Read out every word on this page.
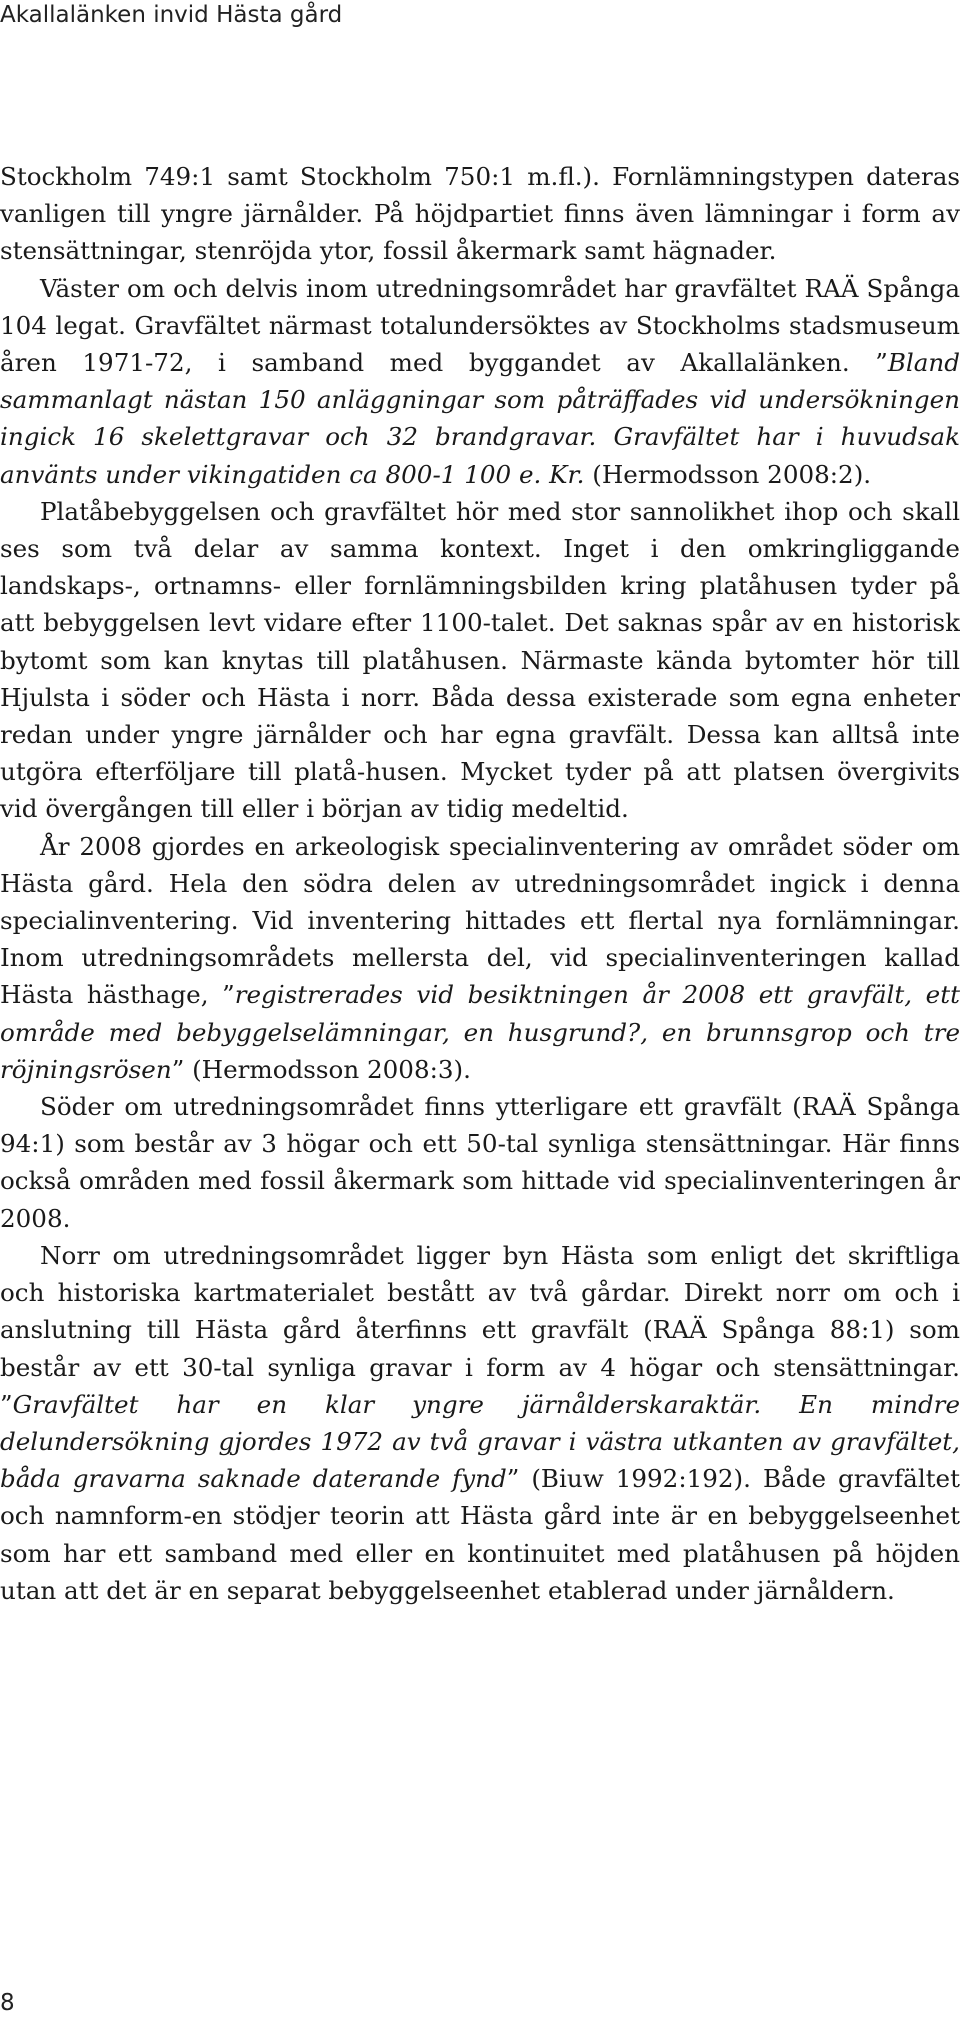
Akallalänken invid Hästa gård

Stockholm 749:1 samt Stockholm 750:1 m.fl.). Fornlämningstypen dateras vanligen till yngre järnålder. På höjdpartiet finns även lämningar i form av stensättningar, stenröjda ytor, fossil åkermark samt hägnader.

Väster om och delvis inom utredningsområdet har gravfältet RAÄ Spånga 104 legat. Gravfältet närmast totalundersöktes av Stockholms stadsmuseum åren 1971-72, i samband med byggandet av Akallalänken. ”Bland sammanlagt nästan 150 anläggningar som påträffades vid undersökningen ingick 16 skelettgravar och 32 brandgravar. Gravfältet har i huvudsak använts under vikingatiden ca 800-1 100 e. Kr. (Hermodsson 2008:2).

Platåbebyggelsen och gravfältet hör med stor sannolikhet ihop och skall ses som två delar av samma kontext. Inget i den omkringliggande landskaps-, ortnamns- eller fornlämningsbilden kring platåhusen tyder på att bebyggelsen levt vidare efter 1100-talet. Det saknas spår av en historisk bytomt som kan knytas till platåhusen. Närmaste kända bytomter hör till Hjulsta i söder och Hästa i norr. Båda dessa existerade som egna enheter redan under yngre järnålder och har egna gravfält. Dessa kan alltså inte utgöra efterföljare till platå-husen. Mycket tyder på att platsen övergivits vid övergången till eller i början av tidig medeltid.

År 2008 gjordes en arkeologisk specialinventering av området söder om Hästa gård. Hela den södra delen av utredningsområdet ingick i denna specialinventering. Vid inventering hittades ett flertal nya fornlämningar. Inom utredningsområdets mellersta del, vid specialinventeringen kallad Hästa hästhage, ”registrerades vid besiktningen år 2008 ett gravfält, ett område med bebyggelselämningar, en husgrund?, en brunnsgrop och tre röjningsrösen” (Hermodsson 2008:3).

Söder om utredningsområdet finns ytterligare ett gravfält (RAÄ Spånga 94:1) som består av 3 högar och ett 50-tal synliga stensättningar. Här finns också områden med fossil åkermark som hittade vid specialinventeringen år 2008.

Norr om utredningsområdet ligger byn Hästa som enligt det skriftliga och historiska kartmaterialet bestått av två gårdar. Direkt norr om och i anslutning till Hästa gård återfinns ett gravfält (RAÄ Spånga 88:1) som består av ett 30-tal synliga gravar i form av 4 högar och stensättningar. ”Gravfältet har en klar yngre järnålderskaraktär. En mindre delundersökning gjordes 1972 av två gravar i västra utkanten av gravfältet, båda gravarna saknade daterande fynd” (Biuw 1992:192). Både gravfältet och namnform-en stödjer teorin att Hästa gård inte är en bebyggelseenhet som har ett samband med eller en kontinuitet med platåhusen på höjden utan att det är en separat bebyggelseenhet etablerad under järnåldern.

8
